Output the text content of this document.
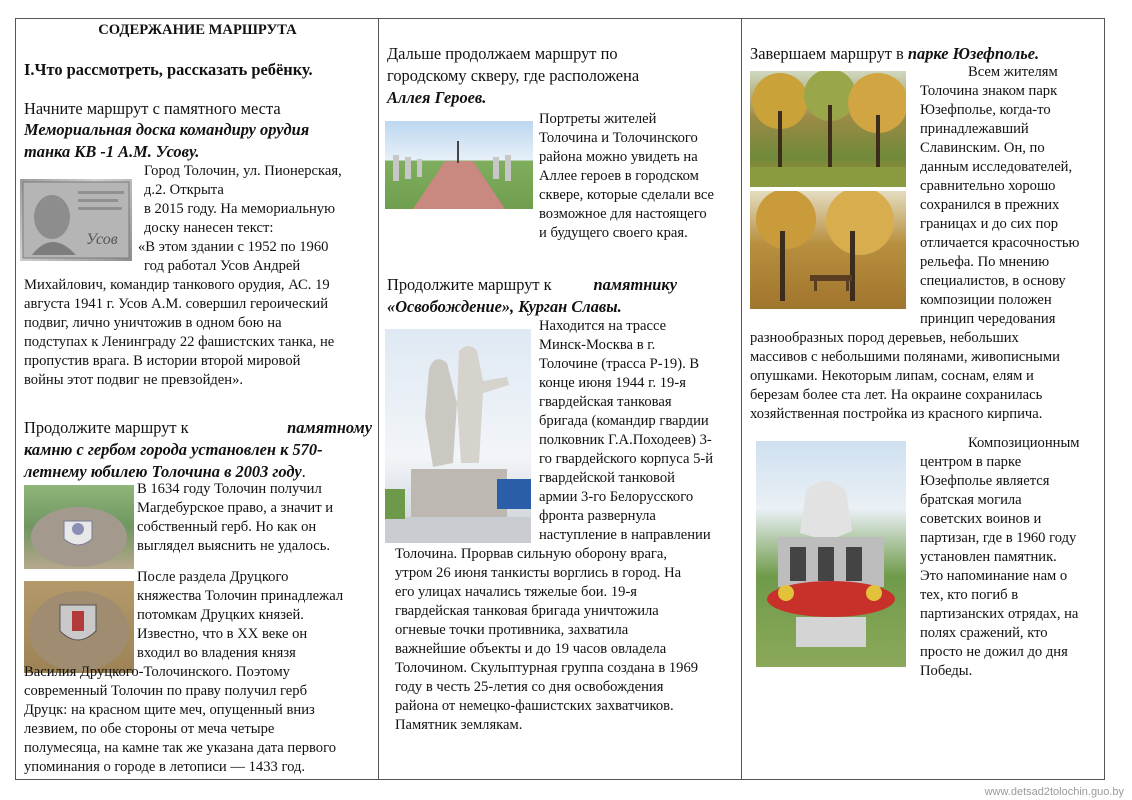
СОДЕРЖАНИЕ МАРШРУТА

I.Что рассмотреть, рассказать ребёнку.

Начните маршрут с памятного места

Мемориальная доска командиру орудия

танка КВ -1 А.М. Усову.

Усов

Город Толочин, ул. Пионерская,

д.2. Открыта

в 2015 году. На мемориальную

доску нанесен текст:

«В этом здании с 1952 по 1960

год работал Усов Андрей

Михайлович, командир танкового орудия, АС. 19

августа 1941 г. Усов А.М. совершил героический

подвиг, лично уничтожив в одном бою на

подступах к Ленинграду 22 фашистских танка, не

пропустив врага. В истории второй мировой

войны этот подвиг не превзойден».

Продолжите маршрут к	памятному

камню с гербом города установлен к 570-

летнему юбилею Толочина в 2003 году.

В 1634 году Толочин получил

Магдебурское право, а значит и

собственный герб. Но как он

выглядел выяснить не удалось.

После раздела Друцкого

княжества Толочин принадлежал

потомкам Друцких князей.

Известно, что в XX веке он

входил во владения князя

Василия Друцкого-Толочинского. Поэтому

современный Толочин по праву получил герб

Друцк: на красном щите меч, опущенный вниз

лезвием, по обе стороны от меча четыре

полумесяца, на камне так же указана дата первого

упоминания о городе в летописи — 1433 год.

Дальше продолжаем маршрут по

городскому скверу, где расположена

Аллея Героев.

Портреты жителей

Толочина и Толочинского

района можно увидеть на

Аллее героев в городском

сквере, которые сделали все

возможное для настоящего

и будущего своего края.

Продолжите маршрут к	памятнику

«Освобождение», Курган Славы.

Находится на трассе

Минск-Москва в г.

Толочине (трасса Р-19). В

конце июня 1944 г. 19-я

гвардейская танковая

бригада (командир гвардии

полковник Г.А.Походеев) 3-

го гвардейского корпуса 5-й

гвардейской танковой

армии 3-го Белорусского

фронта развернула

наступление в направлении

Толочина. Прорвав сильную оборону врага,

утром 26 июня танкисты ворглись в город. На

его улицах начались тяжелые бои. 19-я

гвардейская танковая бригада уничтожила

огневые точки противника, захватила

важнейшие объекты и до 19 часов овладела

Толочином. Скульптурная группа создана в 1969

году в честь 25-летия со дня освобождения

района от немецко-фашистских захватчиков.

Памятник землякам.

Завершаем маршрут в парке Юзефполье.

Всем жителям

Толочина знаком парк

Юзефполье, когда-то

принадлежавший

Славинским. Он, по

данным исследователей,

сравнительно хорошо

сохранился в прежних

границах и до сих пор

отличается красочностью

рельефа. По мнению

специалистов, в основу

композиции положен

принцип чередования

разнообразных пород деревьев, небольших

массивов с небольшими полянами, живописными

опушками. Некоторым липам, соснам, елям и

березам более ста лет. На окраине сохранилась

хозяйственная постройка из красного кирпича.

Композиционным

центром в парке

Юзефполье является

братская могила

советских воинов и

партизан, где в 1960 году

установлен памятник.

Это напоминание нам о

тех, кто погиб в

партизанских отрядах, на

полях сражений, кто

просто не дожил до дня

Победы.

www.detsad2tolochin.guo.by
